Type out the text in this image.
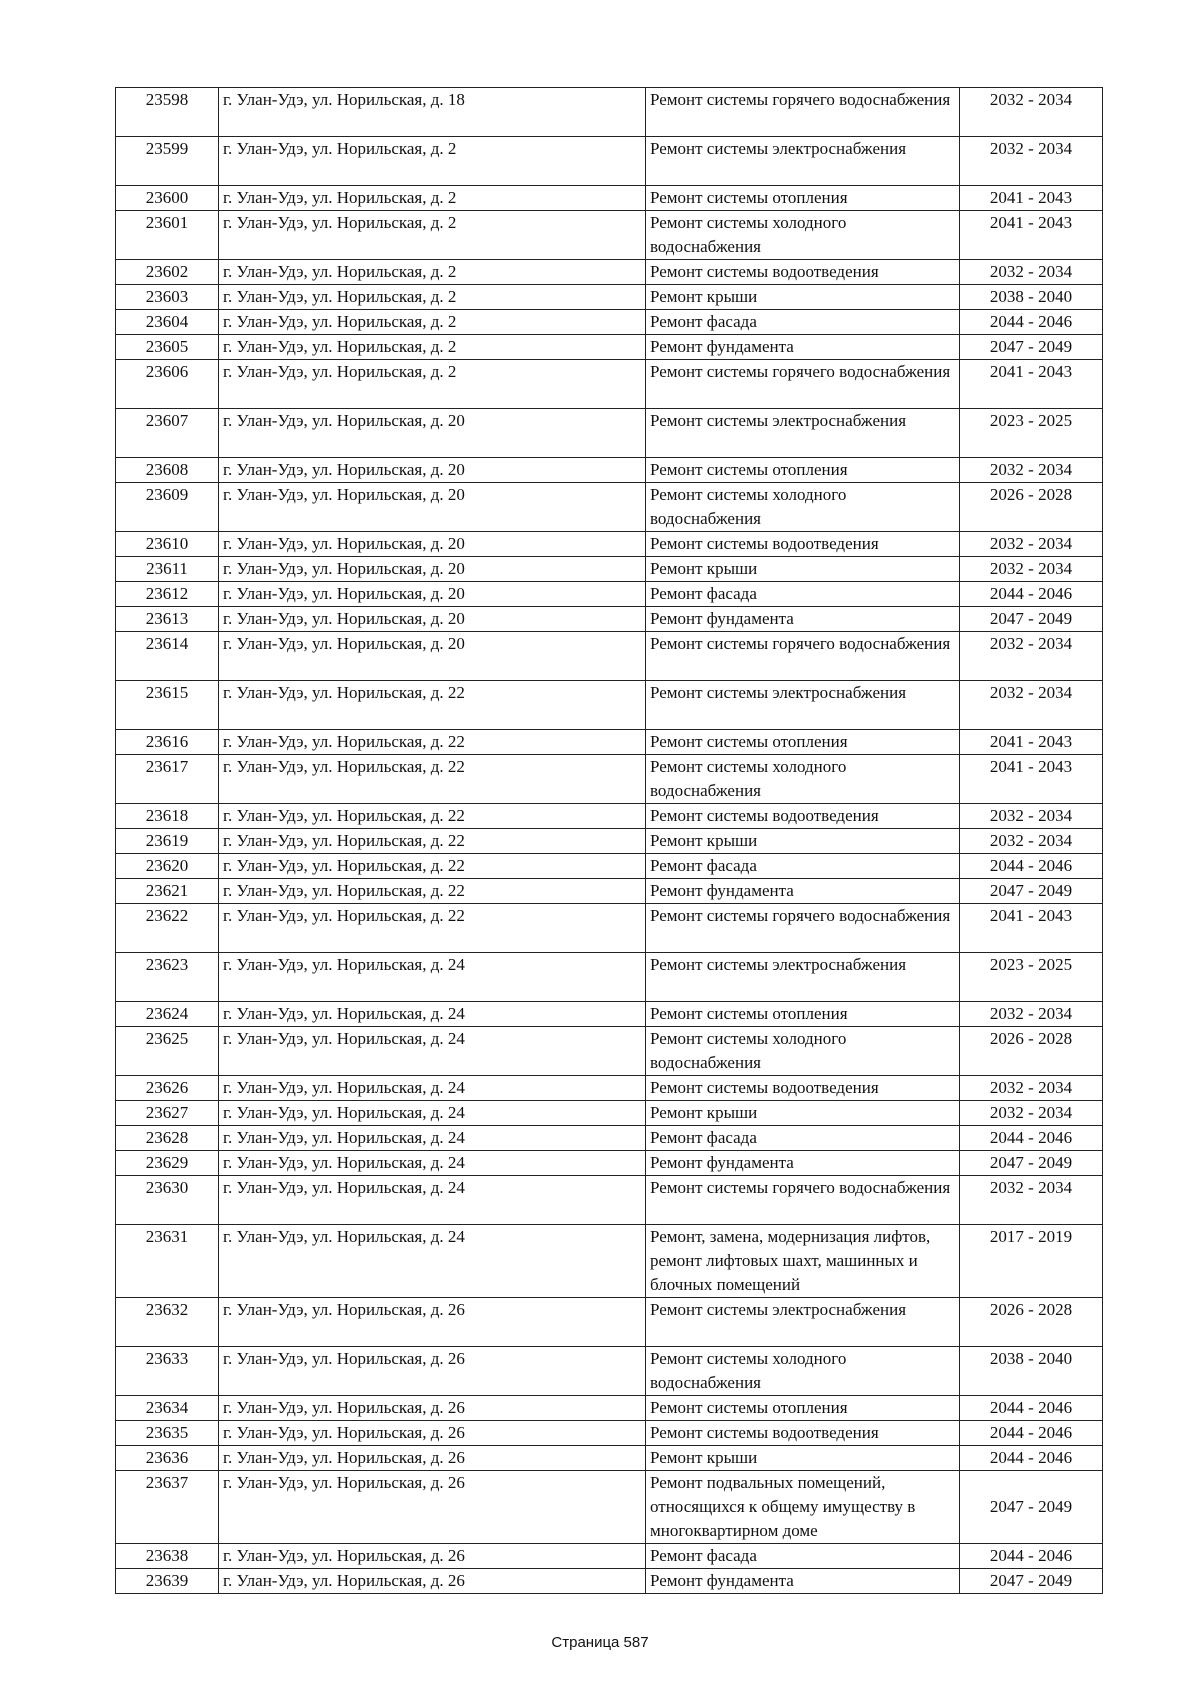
23598	г. Улан-Удэ, ул. Норильская, д. 18	Ремонт системы горячего водоснабжения	2032 - 2034
23599	г. Улан-Удэ, ул. Норильская, д. 2	Ремонт системы электроснабжения	2032 - 2034
23600	г. Улан-Удэ, ул. Норильская, д. 2	Ремонт системы отопления	2041 - 2043
23601	г. Улан-Удэ, ул. Норильская, д. 2	Ремонт системы холодного водоснабжения	2041 - 2043
23602	г. Улан-Удэ, ул. Норильская, д. 2	Ремонт системы водоотведения	2032 - 2034
23603	г. Улан-Удэ, ул. Норильская, д. 2	Ремонт крыши	2038 - 2040
23604	г. Улан-Удэ, ул. Норильская, д. 2	Ремонт фасада	2044 - 2046
23605	г. Улан-Удэ, ул. Норильская, д. 2	Ремонт фундамента	2047 - 2049
23606	г. Улан-Удэ, ул. Норильская, д. 2	Ремонт системы горячего водоснабжения	2041 - 2043
23607	г. Улан-Удэ, ул. Норильская, д. 20	Ремонт системы электроснабжения	2023 - 2025
23608	г. Улан-Удэ, ул. Норильская, д. 20	Ремонт системы отопления	2032 - 2034
23609	г. Улан-Удэ, ул. Норильская, д. 20	Ремонт системы холодного водоснабжения	2026 - 2028
23610	г. Улан-Удэ, ул. Норильская, д. 20	Ремонт системы водоотведения	2032 - 2034
23611	г. Улан-Удэ, ул. Норильская, д. 20	Ремонт крыши	2032 - 2034
23612	г. Улан-Удэ, ул. Норильская, д. 20	Ремонт фасада	2044 - 2046
23613	г. Улан-Удэ, ул. Норильская, д. 20	Ремонт фундамента	2047 - 2049
23614	г. Улан-Удэ, ул. Норильская, д. 20	Ремонт системы горячего водоснабжения	2032 - 2034
23615	г. Улан-Удэ, ул. Норильская, д. 22	Ремонт системы электроснабжения	2032 - 2034
23616	г. Улан-Удэ, ул. Норильская, д. 22	Ремонт системы отопления	2041 - 2043
23617	г. Улан-Удэ, ул. Норильская, д. 22	Ремонт системы холодного водоснабжения	2041 - 2043
23618	г. Улан-Удэ, ул. Норильская, д. 22	Ремонт системы водоотведения	2032 - 2034
23619	г. Улан-Удэ, ул. Норильская, д. 22	Ремонт крыши	2032 - 2034
23620	г. Улан-Удэ, ул. Норильская, д. 22	Ремонт фасада	2044 - 2046
23621	г. Улан-Удэ, ул. Норильская, д. 22	Ремонт фундамента	2047 - 2049
23622	г. Улан-Удэ, ул. Норильская, д. 22	Ремонт системы горячего водоснабжения	2041 - 2043
23623	г. Улан-Удэ, ул. Норильская, д. 24	Ремонт системы электроснабжения	2023 - 2025
23624	г. Улан-Удэ, ул. Норильская, д. 24	Ремонт системы отопления	2032 - 2034
23625	г. Улан-Удэ, ул. Норильская, д. 24	Ремонт системы холодного водоснабжения	2026 - 2028
23626	г. Улан-Удэ, ул. Норильская, д. 24	Ремонт системы водоотведения	2032 - 2034
23627	г. Улан-Удэ, ул. Норильская, д. 24	Ремонт крыши	2032 - 2034
23628	г. Улан-Удэ, ул. Норильская, д. 24	Ремонт фасада	2044 - 2046
23629	г. Улан-Удэ, ул. Норильская, д. 24	Ремонт фундамента	2047 - 2049
23630	г. Улан-Удэ, ул. Норильская, д. 24	Ремонт системы горячего водоснабжения	2032 - 2034
23631	г. Улан-Удэ, ул. Норильская, д. 24	Ремонт, замена, модернизация лифтов, ремонт лифтовых шахт, машинных и блочных помещений	2017 - 2019
23632	г. Улан-Удэ, ул. Норильская, д. 26	Ремонт системы электроснабжения	2026 - 2028
23633	г. Улан-Удэ, ул. Норильская, д. 26	Ремонт системы холодного водоснабжения	2038 - 2040
23634	г. Улан-Удэ, ул. Норильская, д. 26	Ремонт системы отопления	2044 - 2046
23635	г. Улан-Удэ, ул. Норильская, д. 26	Ремонт системы водоотведения	2044 - 2046
23636	г. Улан-Удэ, ул. Норильская, д. 26	Ремонт крыши	2044 - 2046
23637	г. Улан-Удэ, ул. Норильская, д. 26	Ремонт подвальных помещений, относящихся к общему имуществу в многоквартирном доме	2047 - 2049
23638	г. Улан-Удэ, ул. Норильская, д. 26	Ремонт фасада	2044 - 2046
23639	г. Улан-Удэ, ул. Норильская, д. 26	Ремонт фундамента	2047 - 2049
Страница 587
